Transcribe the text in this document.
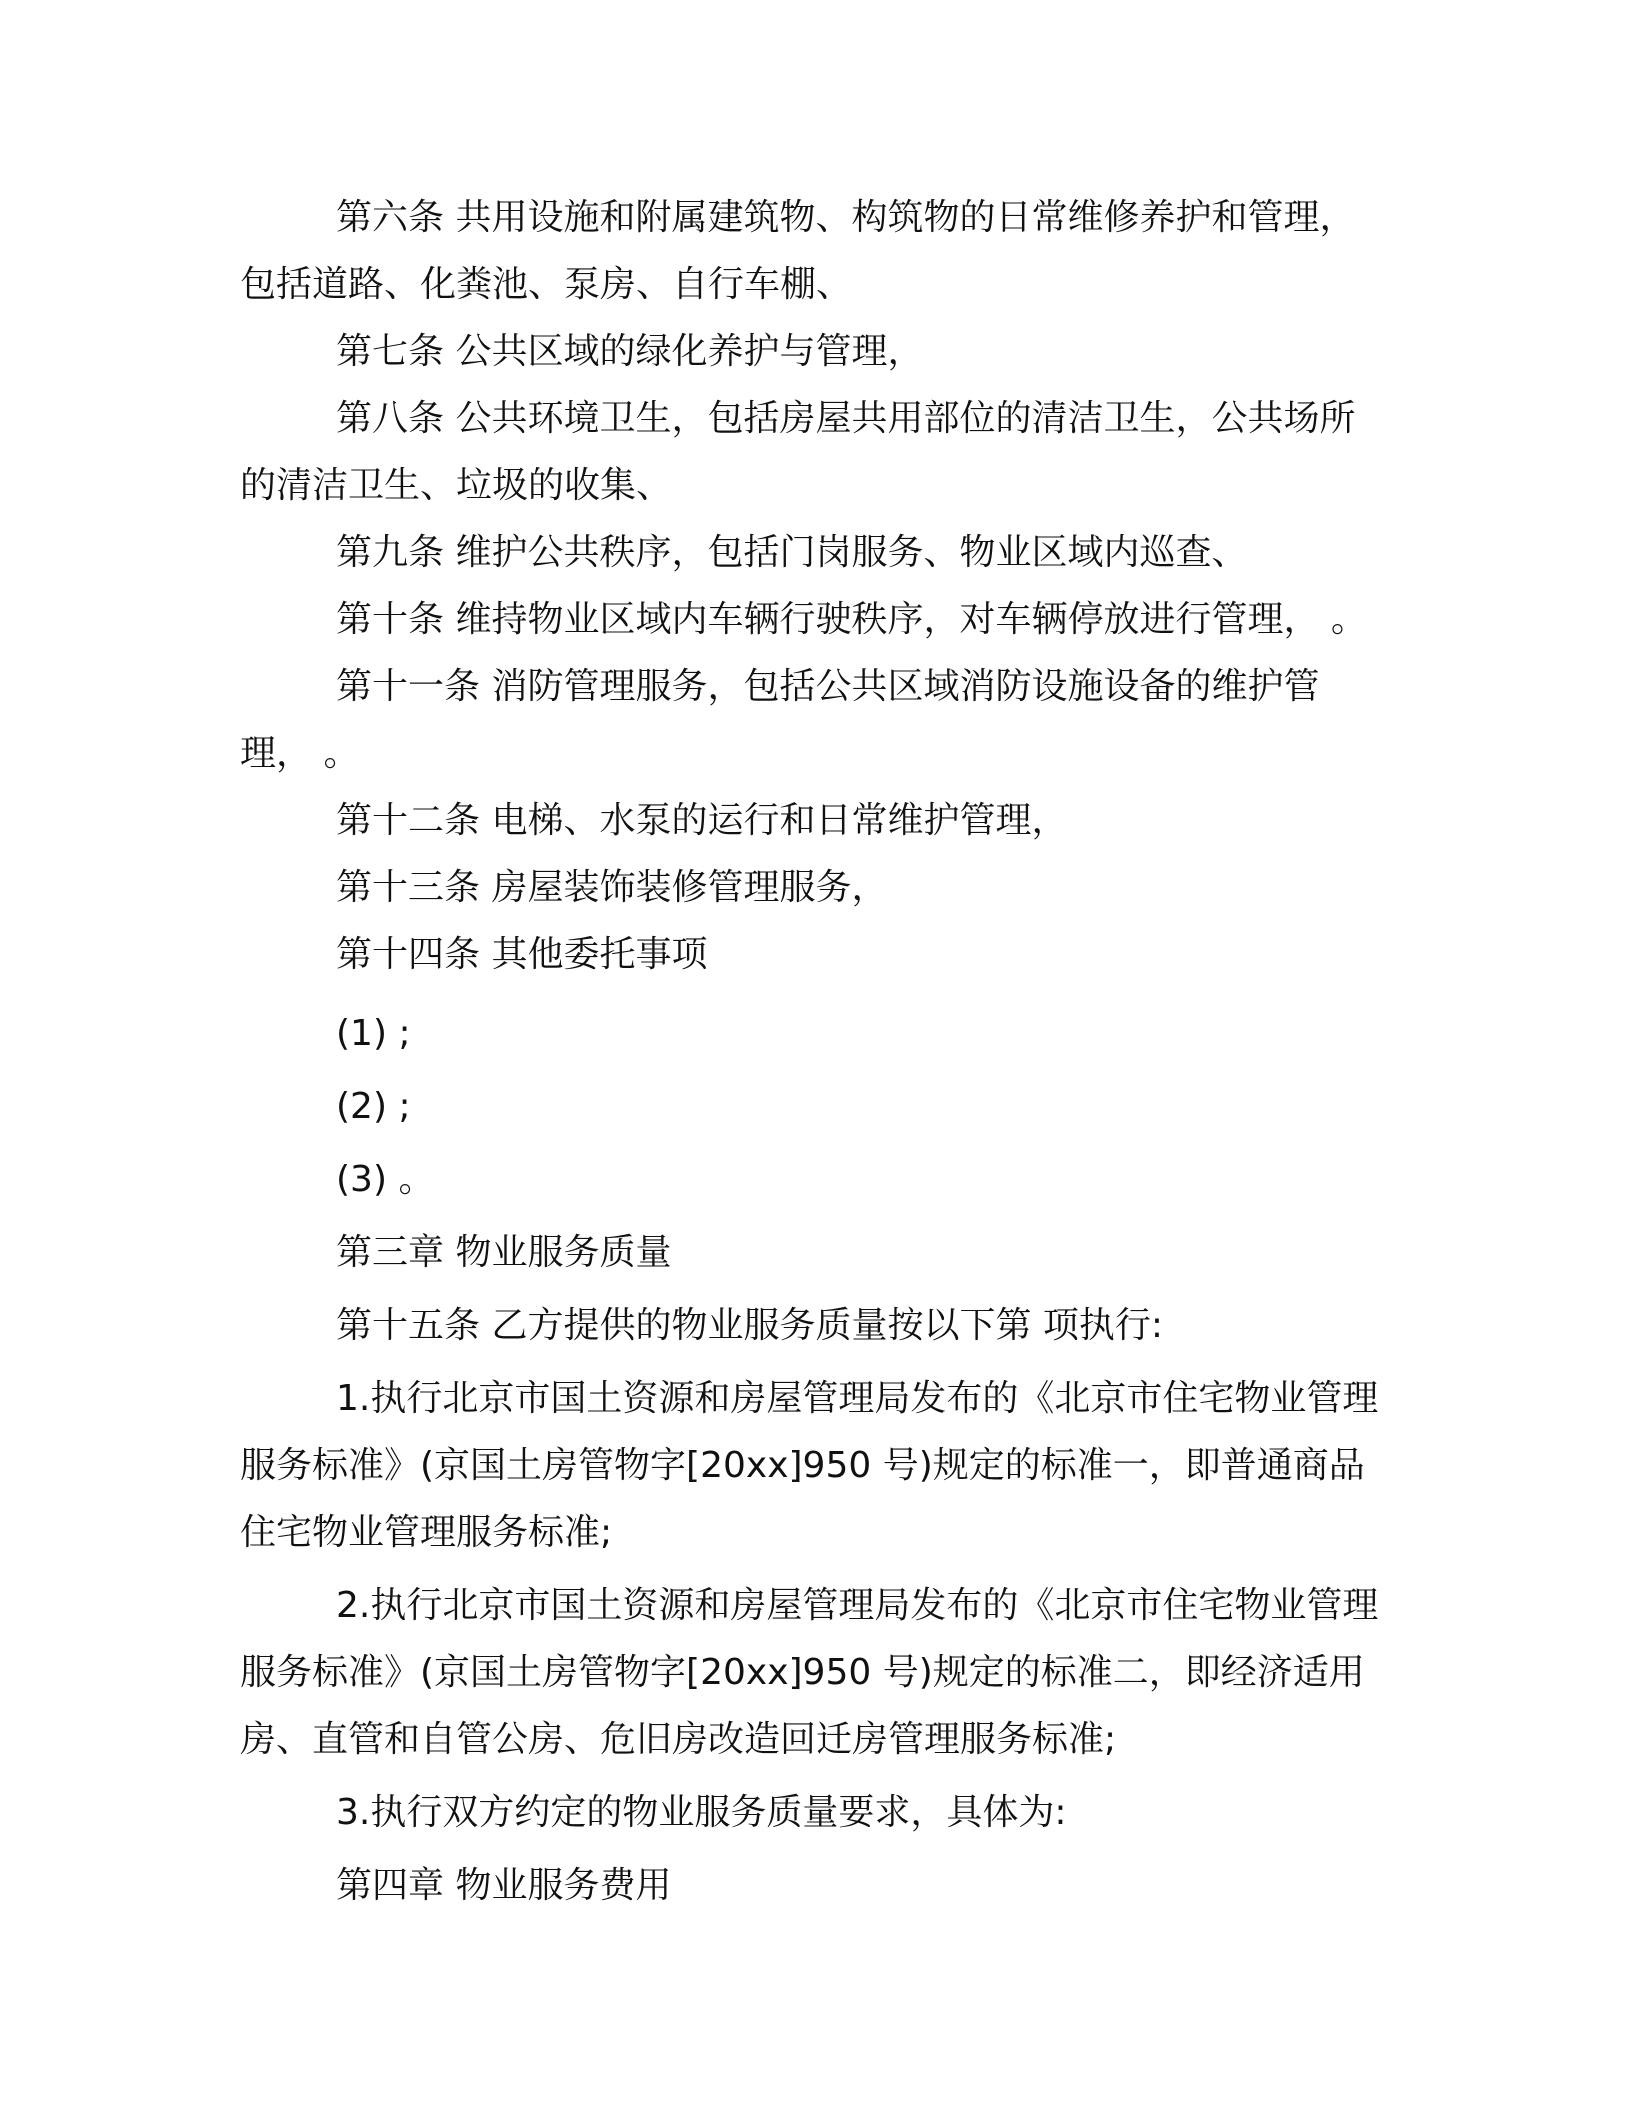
第六条 共用设施和附属建筑物、构筑物的日常维修养护和管理，包括道路、化粪池、泵房、自行车棚、

第七条 公共区域的绿化养护与管理，

第八条 公共环境卫生，包括房屋共用部位的清洁卫生，公共场所的清洁卫生、垃圾的收集、

第九条 维护公共秩序，包括门岗服务、物业区域内巡查、

第十条 维持物业区域内车辆行驶秩序，对车辆停放进行管理， 。

第十一条 消防管理服务，包括公共区域消防设施设备的维护管理， 。

第十二条 电梯、水泵的运行和日常维护管理，

第十三条 房屋装饰装修管理服务，

第十四条 其他委托事项

(1) ;

(2) ;

(3) 。

第三章 物业服务质量

第十五条 乙方提供的物业服务质量按以下第 项执行:

1.执行北京市国土资源和房屋管理局发布的《北京市住宅物业管理服务标准》(京国土房管物字[20xx]950 号)规定的标准一，即普通商品住宅物业管理服务标准;

2.执行北京市国土资源和房屋管理局发布的《北京市住宅物业管理服务标准》(京国土房管物字[20xx]950 号)规定的标准二，即经济适用房、直管和自管公房、危旧房改造回迁房管理服务标准;

3.执行双方约定的物业服务质量要求，具体为:

第四章 物业服务费用
